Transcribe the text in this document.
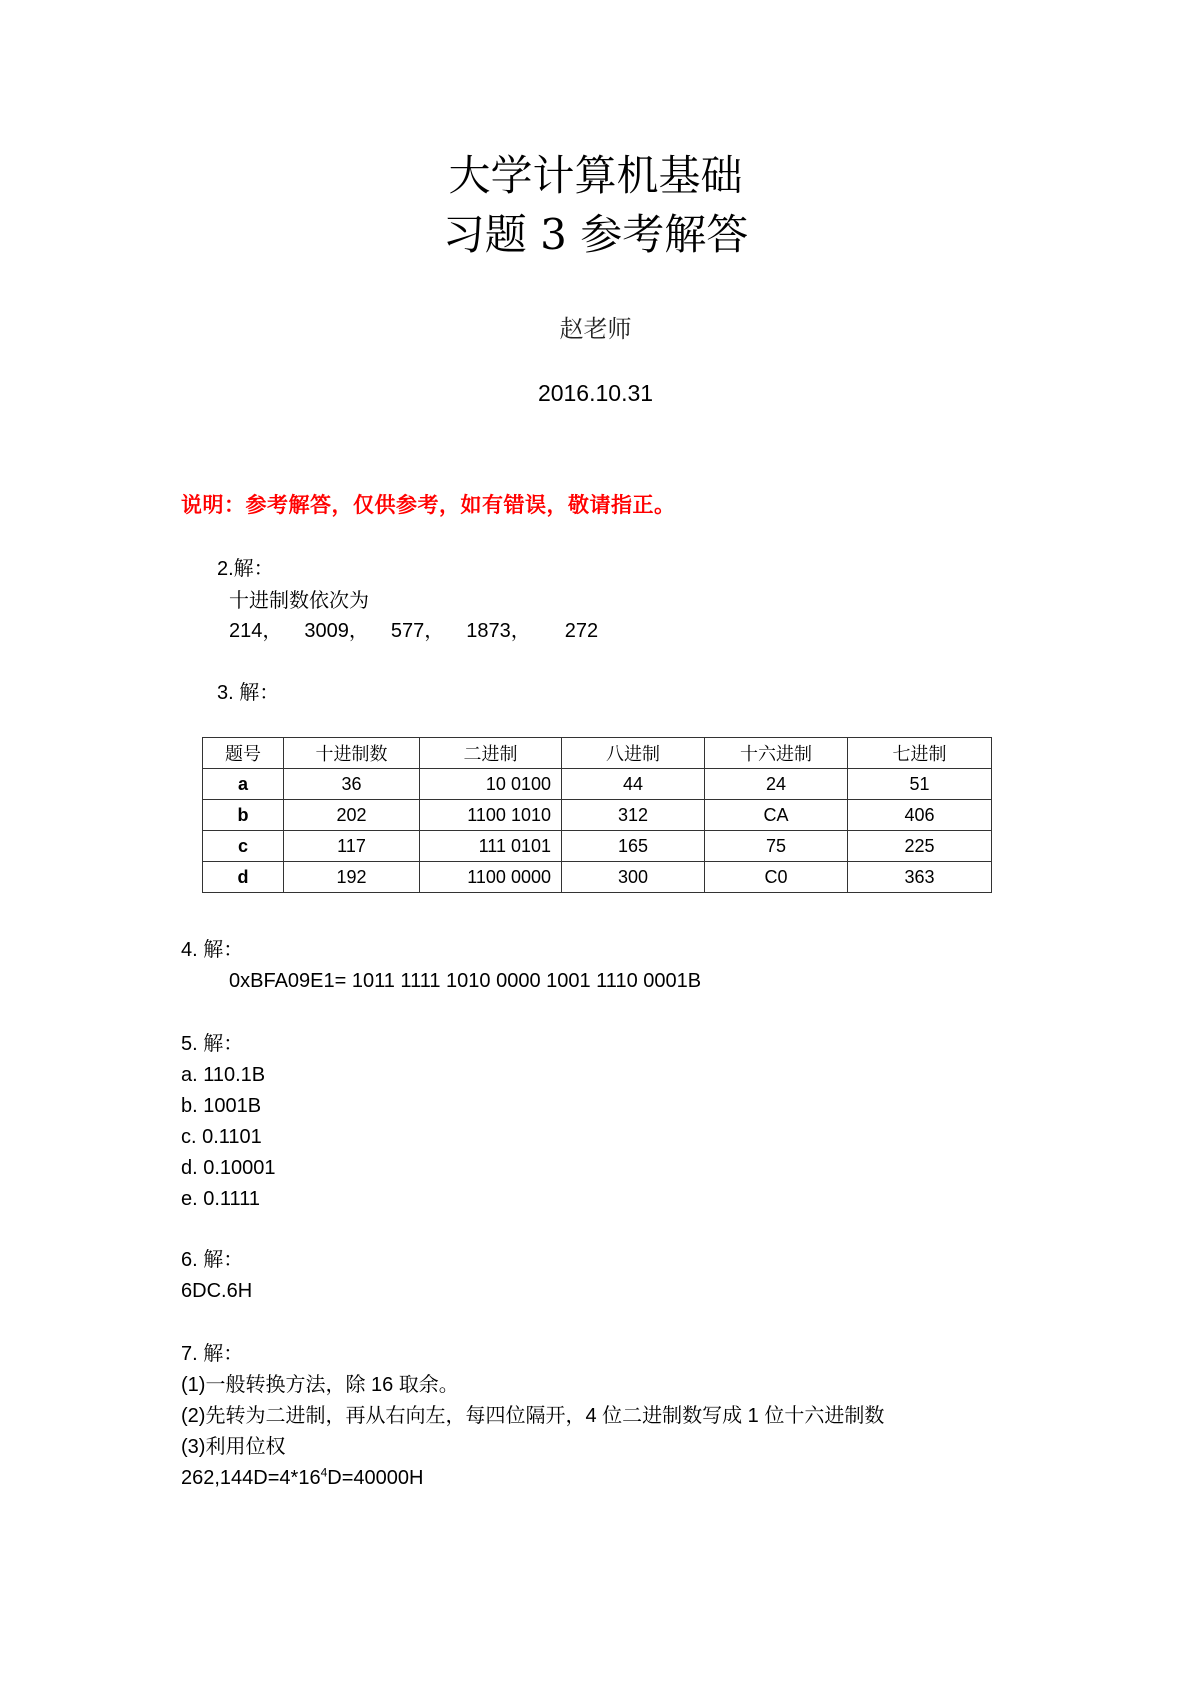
大学计算机基础
习题 3 参考解答
赵老师
2016.10.31
说明：参考解答，仅供参考，如有错误，敬请指正。
2.解：
十进制数依次为
214， 3009， 577， 1873， 272
3. 解：
题号	十进制数	二进制	八进制	十六进制	七进制
a	36	10 0100	44	24	51
b	202	1100 1010	312	CA	406
c	117	111 0101	165	75	225
d	192	1100 0000	300	C0	363
4. 解：
0xBFA09E1= 1011 1111 1010 0000 1001 1110 0001B
5. 解：
a. 110.1B
b. 1001B
c. 0.1101
d. 0.10001
e. 0.1111
6. 解：
6DC.6H
7. 解：
(1)一般转换方法，除 16 取余。
(2)先转为二进制，再从右向左，每四位隔开，4 位二进制数写成 1 位十六进制数
(3)利用位权
$262,144D=4*16^4D=40000H$
